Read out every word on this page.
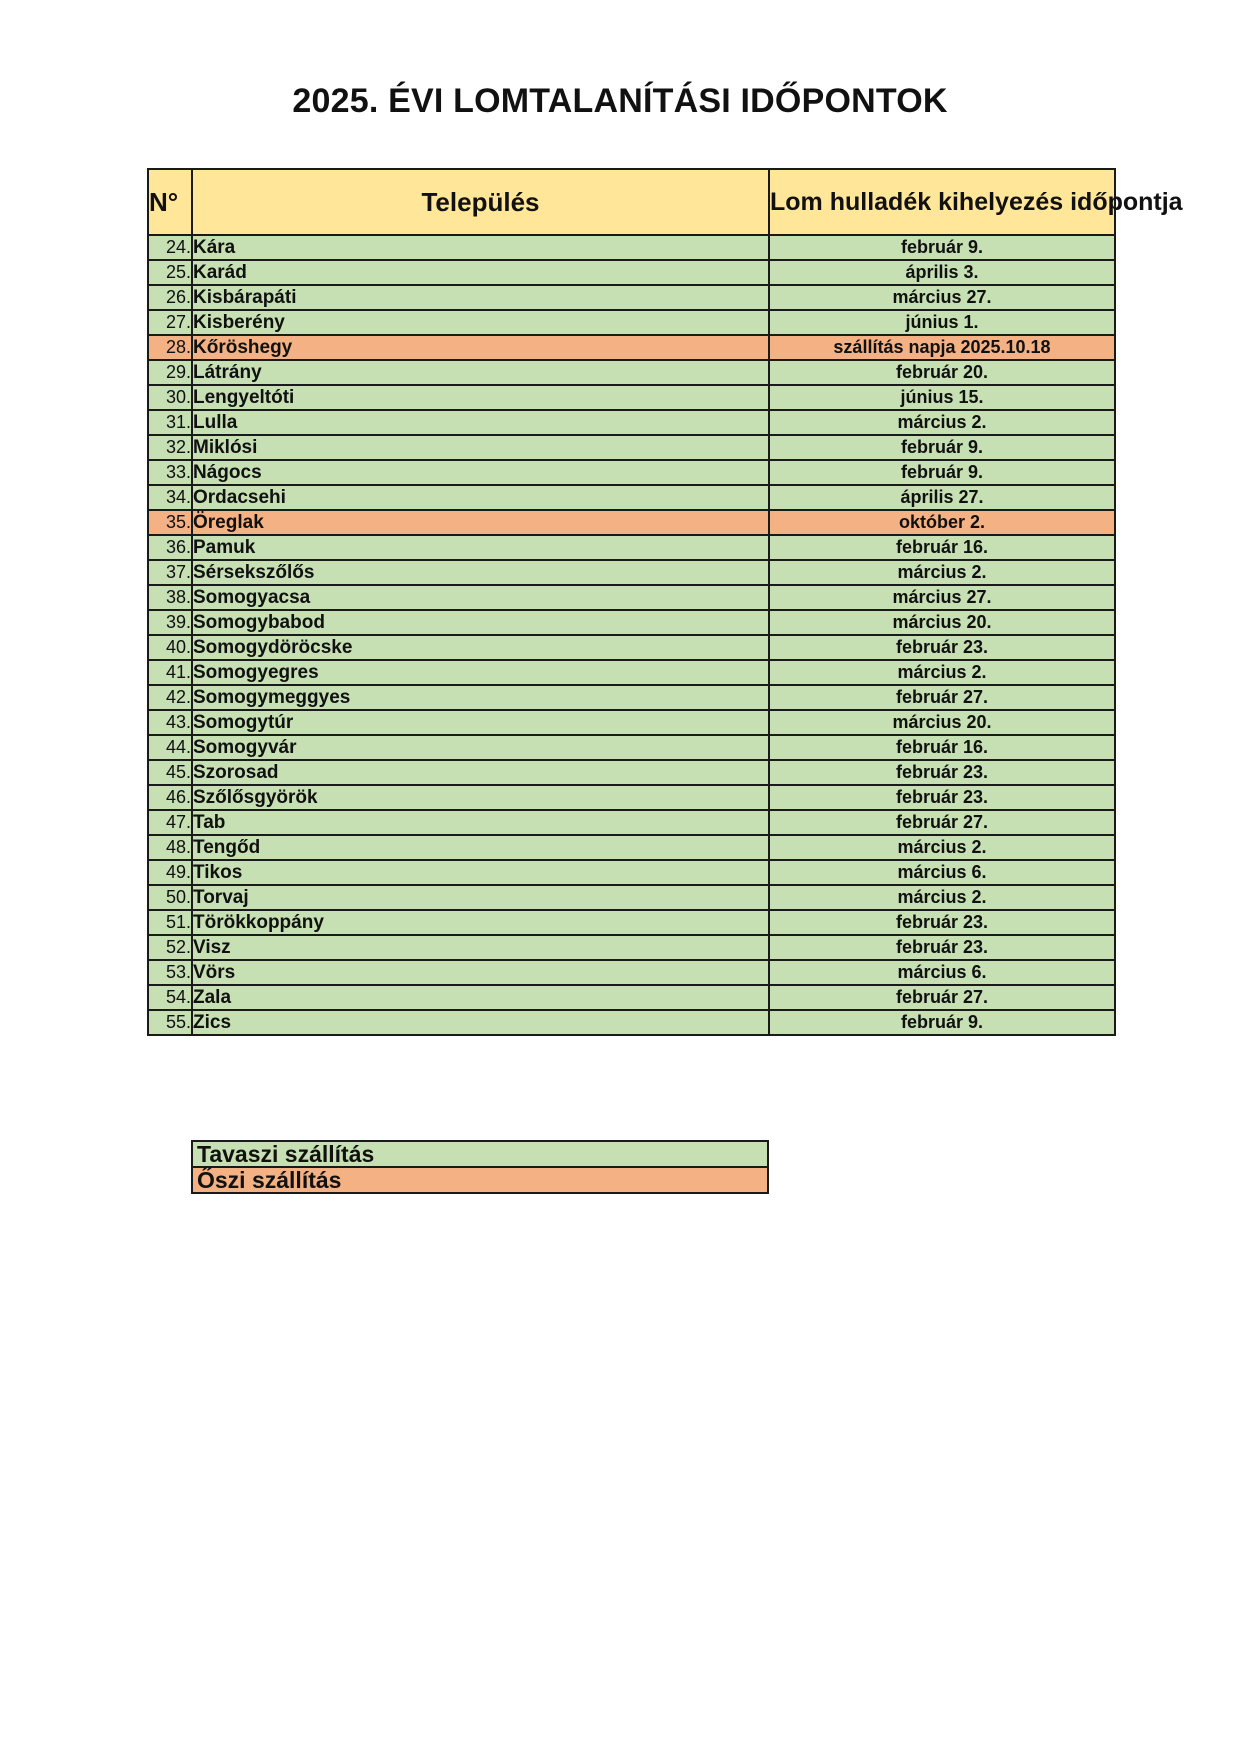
2025. ÉVI LOMTALANÍTÁSI IDŐPONTOK
N°	Település	Lom hulladék kihelyezés időpontja
24.	Kára	február 9.
25.	Karád	április 3.
26.	Kisbárapáti	március 27.
27.	Kisberény	június 1.
28.	Kőröshegy	szállítás napja 2025.10.18
29.	Látrány	február 20.
30.	Lengyeltóti	június 15.
31.	Lulla	március 2.
32.	Miklósi	február 9.
33.	Nágocs	február 9.
34.	Ordacsehi	április 27.
35.	Öreglak	október 2.
36.	Pamuk	február 16.
37.	Sérsekszőlős	március 2.
38.	Somogyacsa	március 27.
39.	Somogybabod	március 20.
40.	Somogydöröcske	február 23.
41.	Somogyegres	március 2.
42.	Somogymeggyes	február 27.
43.	Somogytúr	március 20.
44.	Somogyvár	február 16.
45.	Szorosad	február 23.
46.	Szőlősgyörök	február 23.
47.	Tab	február 27.
48.	Tengőd	március 2.
49.	Tikos	március 6.
50.	Torvaj	március 2.
51.	Törökkoppány	február 23.
52.	Visz	február 23.
53.	Vörs	március 6.
54.	Zala	február 27.
55.	Zics	február 9.
Tavaszi szállítás
Őszi szállítás
